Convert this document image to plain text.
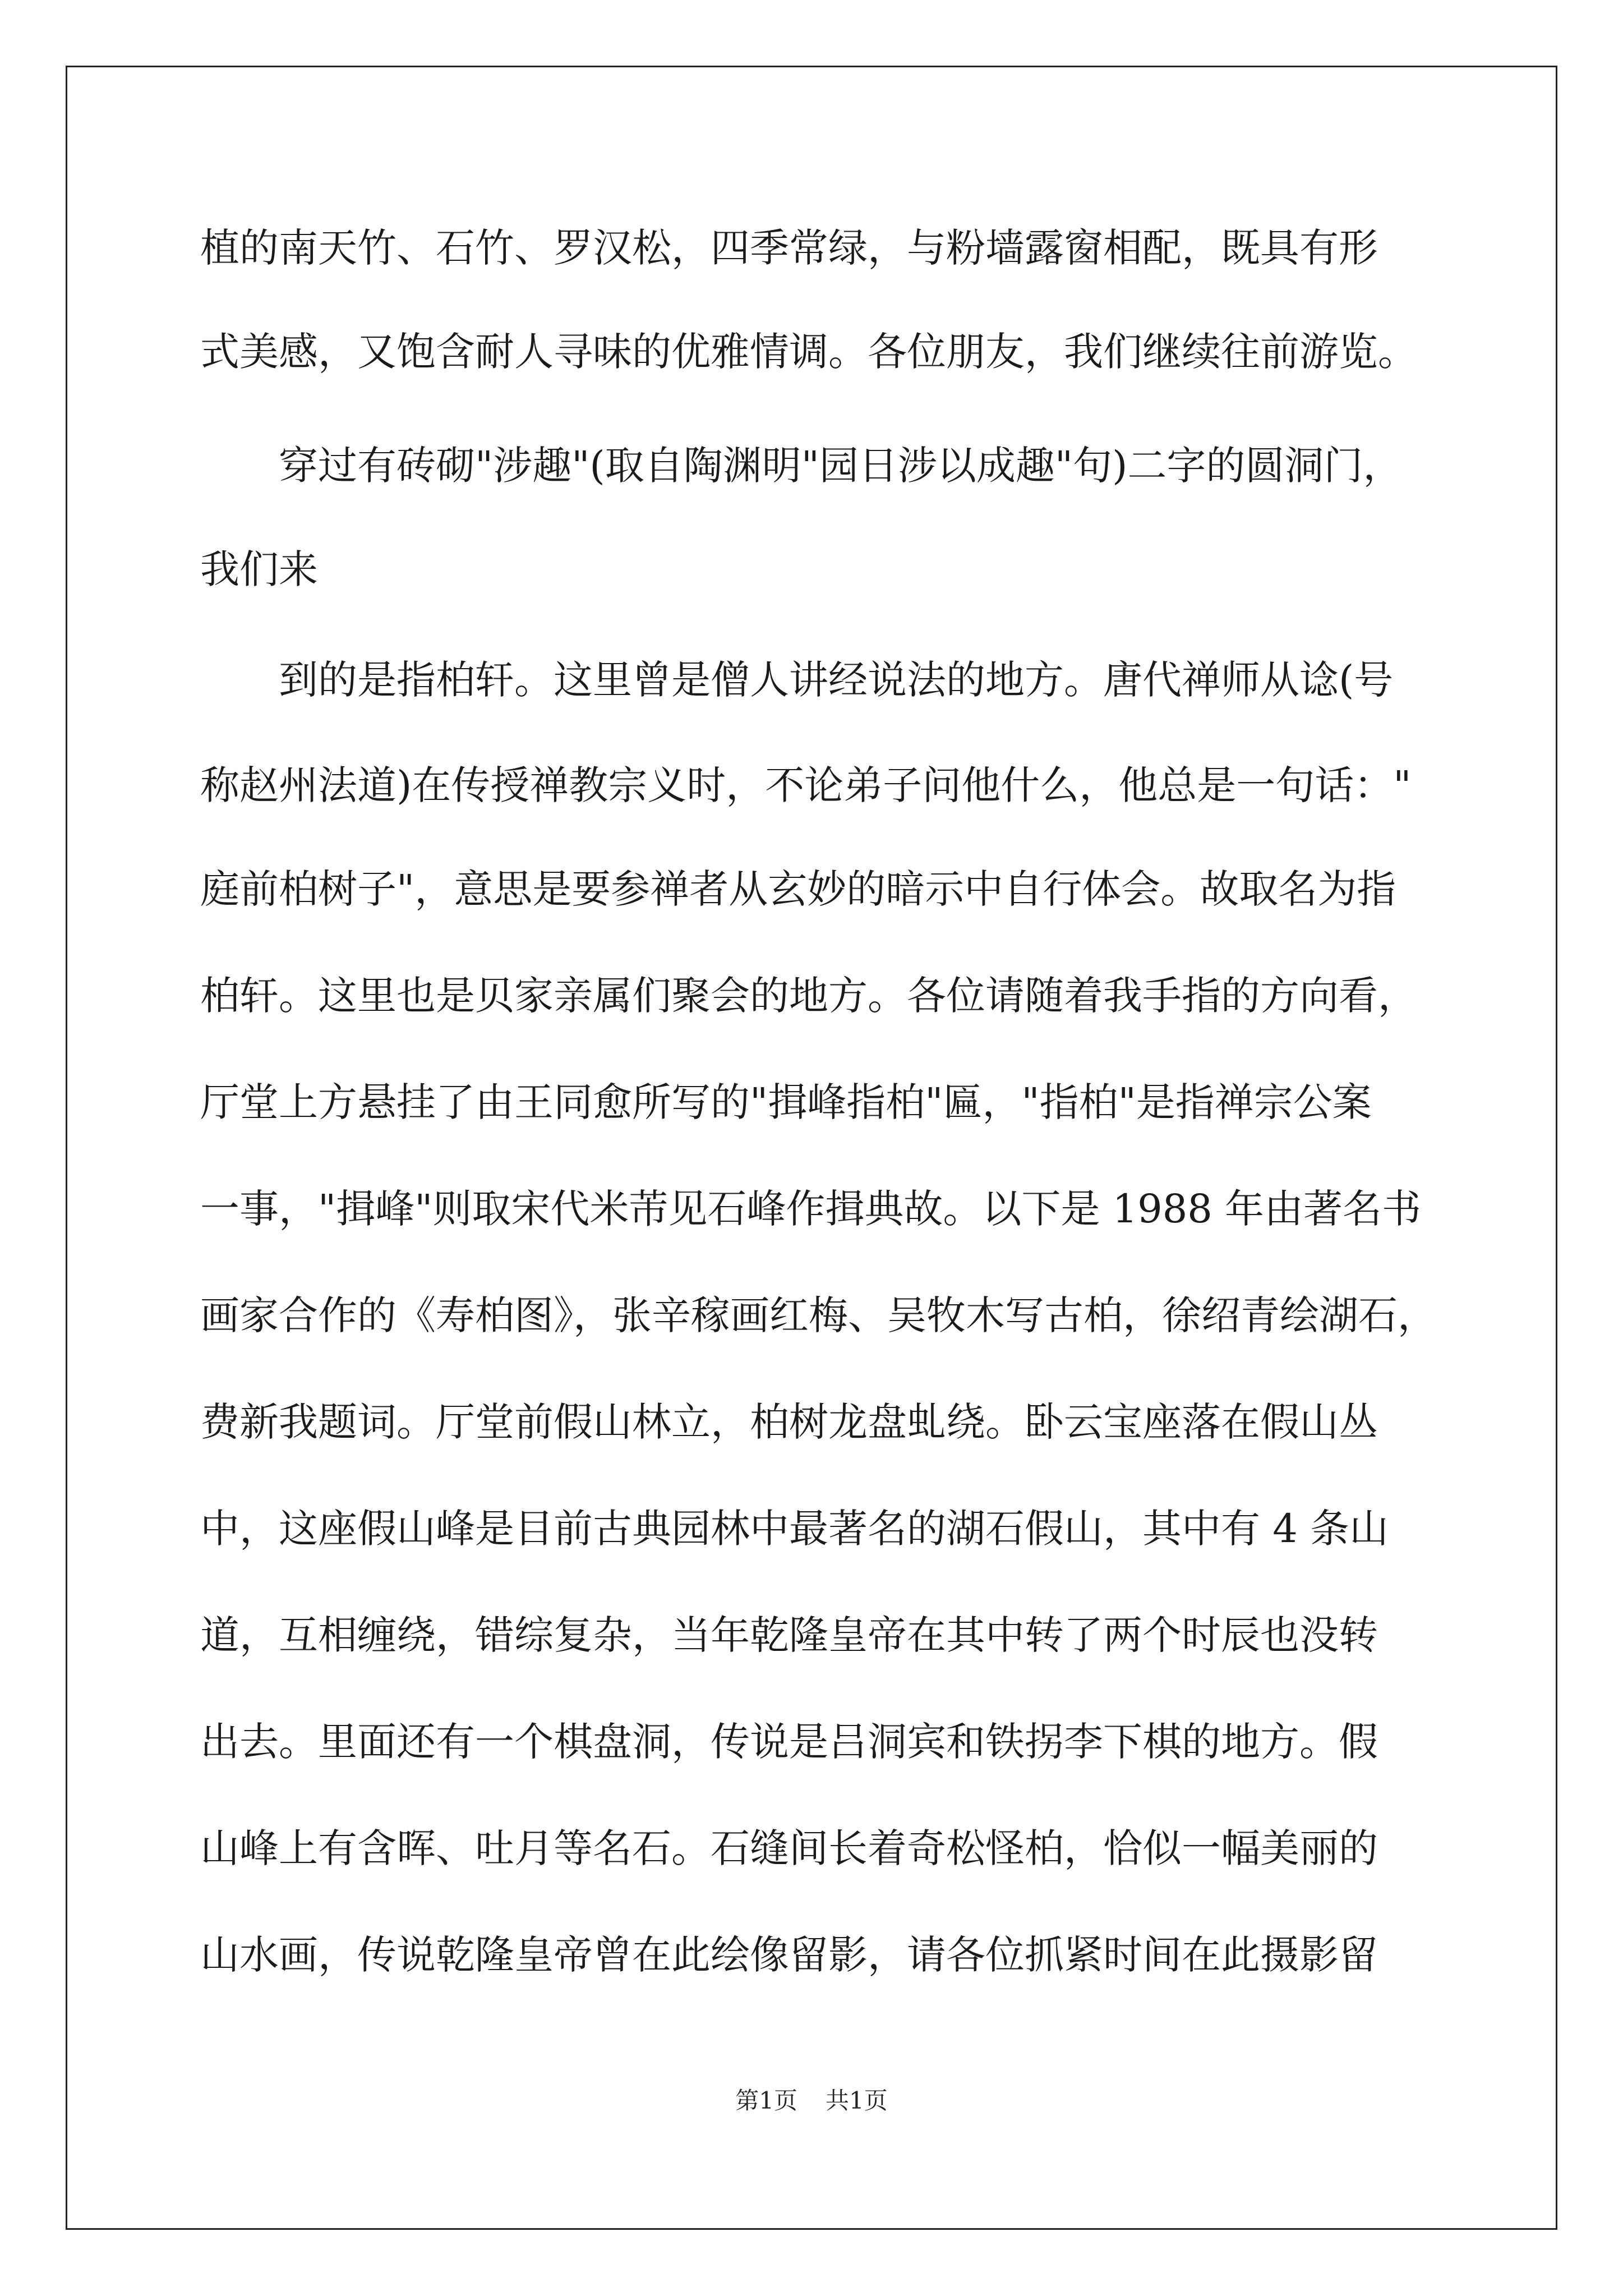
植的南天竹、石竹、罗汉松，四季常绿，与粉墙露窗相配，既具有形
式美感，又饱含耐人寻味的优雅情调。各位朋友，我们继续往前游览。
　　穿过有砖砌"涉趣"(取自陶渊明"园日涉以成趣"句)二字的圆洞门，
我们来
　　到的是指柏轩。这里曾是僧人讲经说法的地方。唐代禅师从谂(号
称赵州法道)在传授禅教宗义时，不论弟子问他什么，他总是一句话："
庭前柏树子"，意思是要参禅者从玄妙的暗示中自行体会。故取名为指
柏轩。这里也是贝家亲属们聚会的地方。各位请随着我手指的方向看，
厅堂上方悬挂了由王同愈所写的"揖峰指柏"匾，"指柏"是指禅宗公案
一事，"揖峰"则取宋代米芾见石峰作揖典故。以下是 1988 年由著名书
画家合作的《寿柏图》，张辛稼画红梅、吴牧木写古柏，徐绍青绘湖石，
费新我题词。厅堂前假山林立，柏树龙盘虬绕。卧云宝座落在假山丛
中，这座假山峰是目前古典园林中最著名的湖石假山，其中有 4 条山
道，互相缠绕，错综复杂，当年乾隆皇帝在其中转了两个时辰也没转
出去。里面还有一个棋盘洞，传说是吕洞宾和铁拐李下棋的地方。假
山峰上有含晖、吐月等名石。石缝间长着奇松怪柏，恰似一幅美丽的
山水画，传说乾隆皇帝曾在此绘像留影，请各位抓紧时间在此摄影留
第1页 共1页
